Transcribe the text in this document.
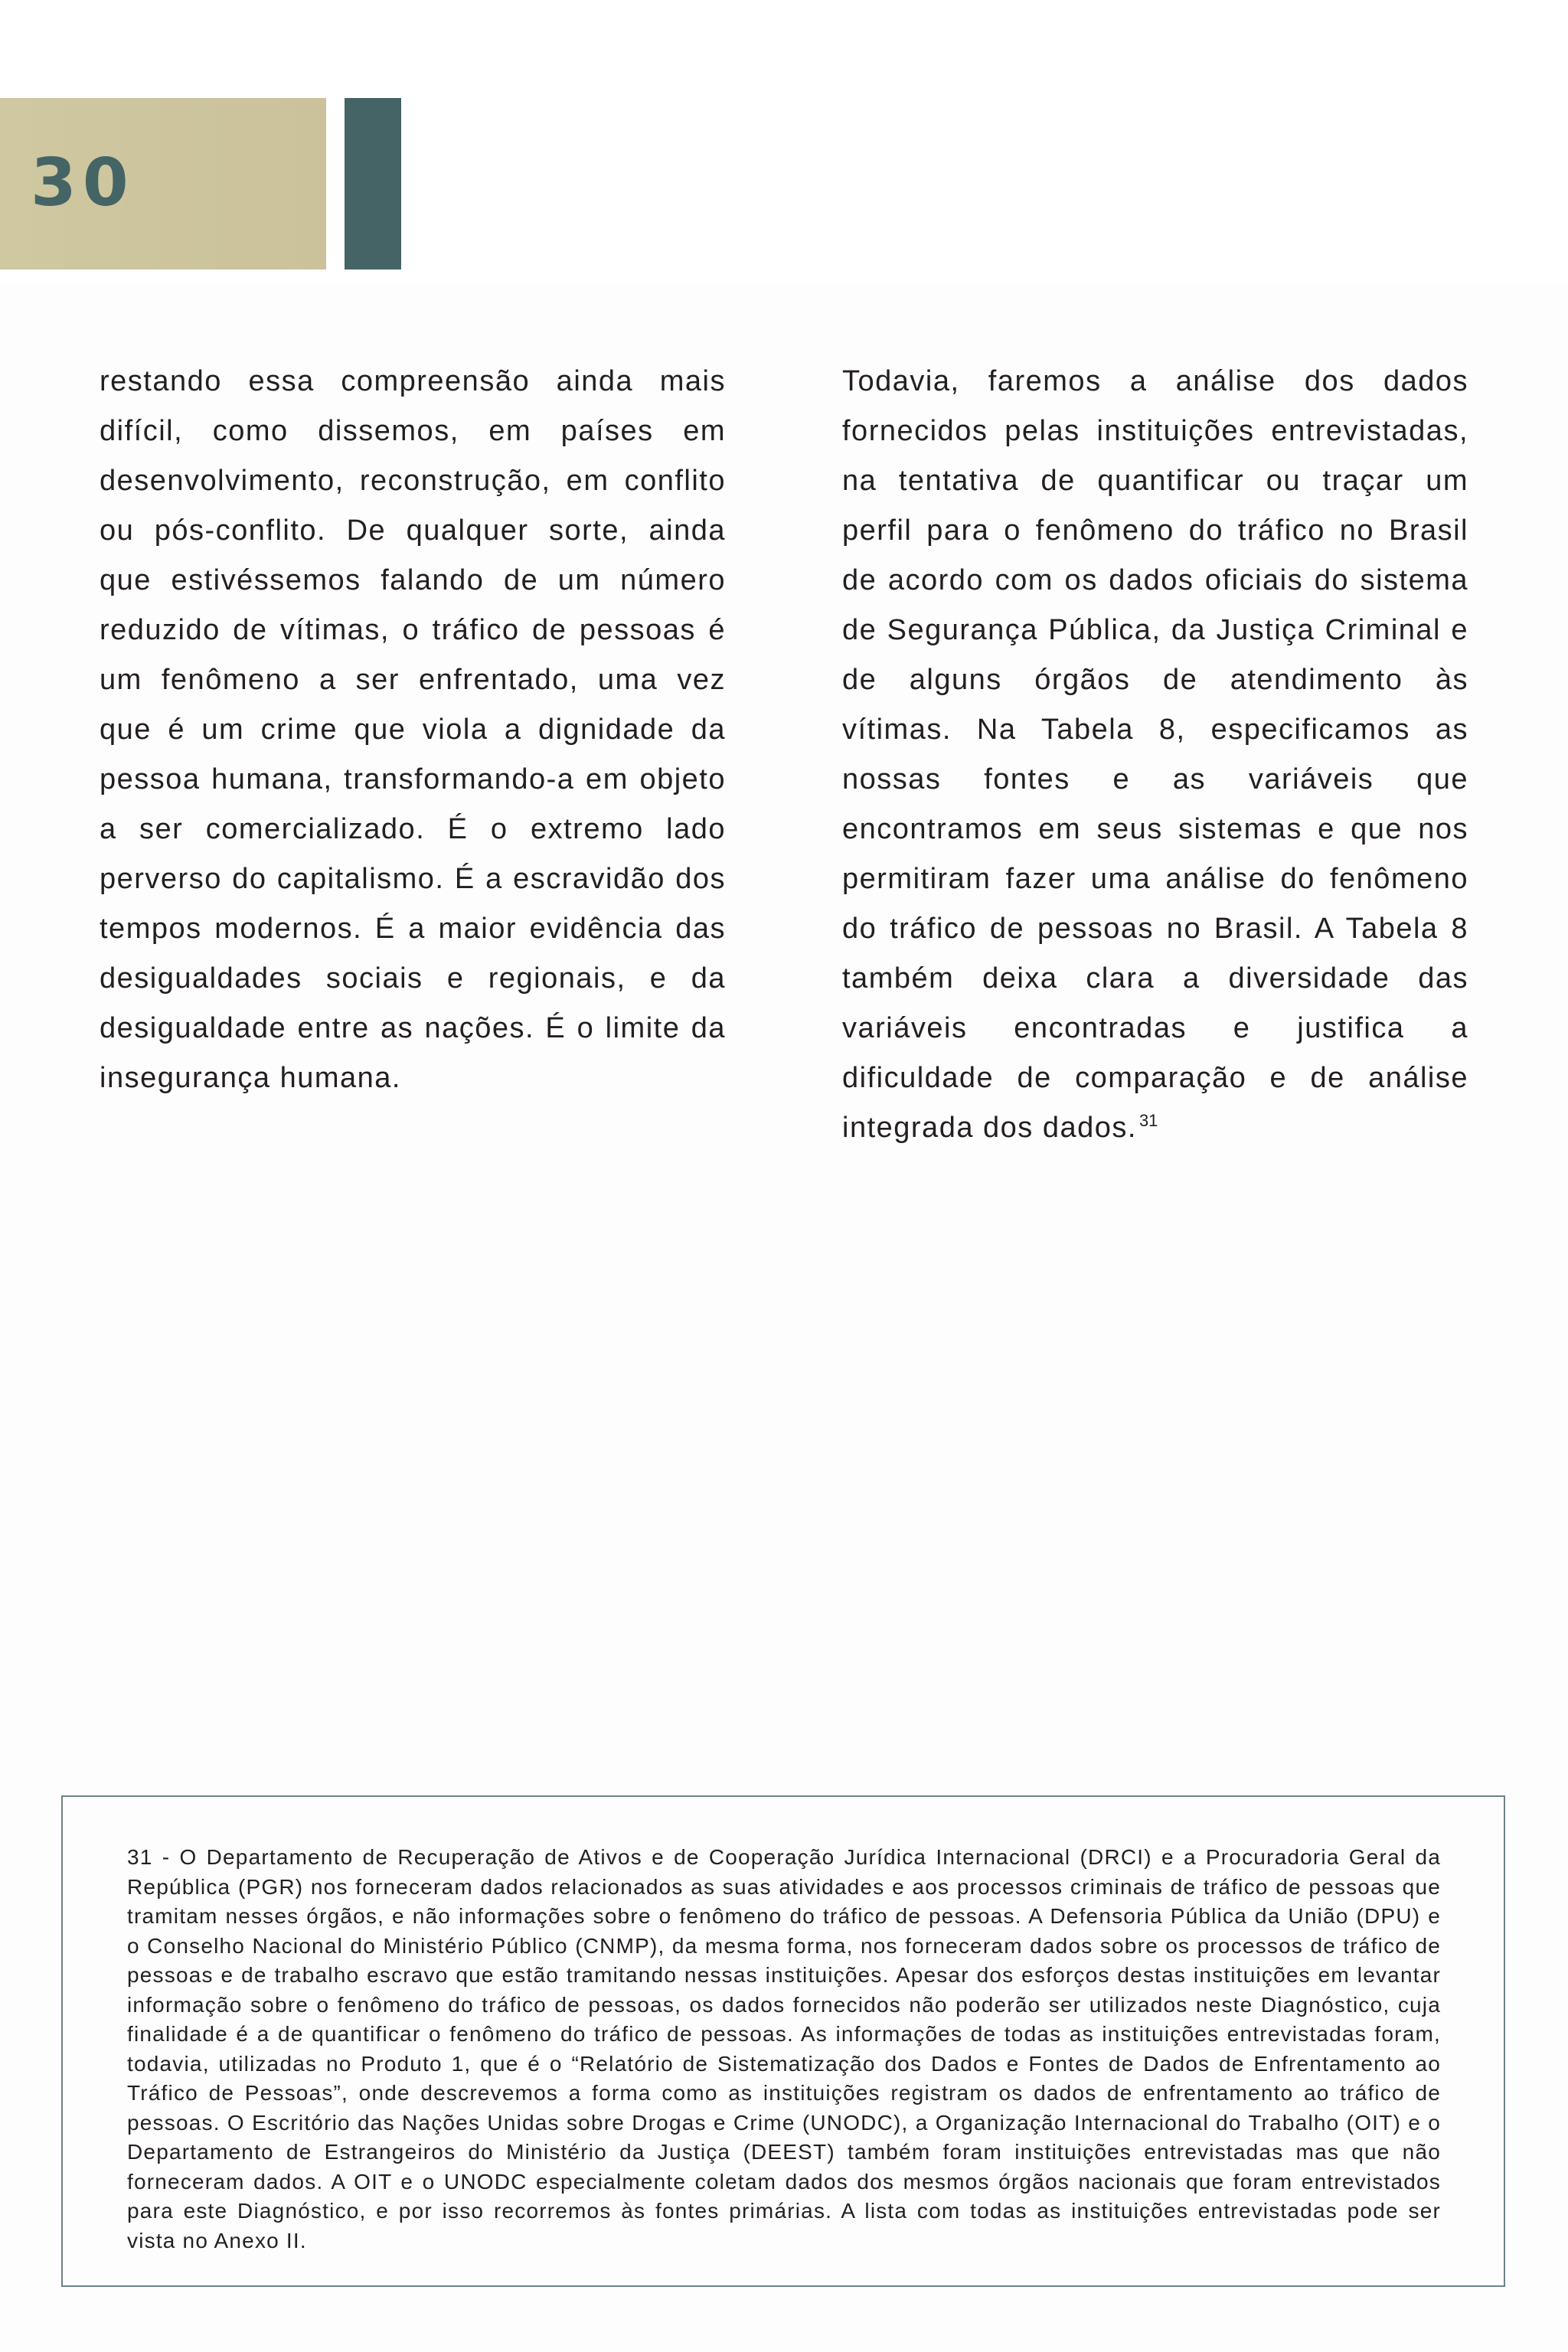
30

restando essa compreensão ainda mais difícil, como dissemos, em países em desenvolvimento, reconstrução, em conflito ou pós-conflito. De qualquer sorte, ainda que estivéssemos falando de um número reduzido de vítimas, o tráfico de pessoas é um fenômeno a ser enfrentado, uma vez que é um crime que viola a dignidade da pessoa humana, transformando-a em objeto a ser comercializado. É o extremo lado perverso do capitalismo. É a escravidão dos tempos modernos. É a maior evidência das desigualdades sociais e regionais, e da desigualdade entre as nações. É o limite da insegurança humana.

Todavia, faremos a análise dos dados fornecidos pelas instituições entrevistadas, na tentativa de quantificar ou traçar um perfil para o fenômeno do tráfico no Brasil de acordo com os dados oficiais do sistema de Segurança Pública, da Justiça Criminal e de alguns órgãos de atendimento às vítimas. Na Tabela 8, especificamos as nossas fontes e as variáveis que encontramos em seus sistemas e que nos permitiram fazer uma análise do fenômeno do tráfico de pessoas no Brasil. A Tabela 8 também deixa clara a diversidade das variáveis encontradas e justifica a dificuldade de comparação e de análise integrada dos dados. $^{31}$

31 - O Departamento de Recuperação de Ativos e de Cooperação Jurídica Internacional (DRCI) e a Procuradoria Geral da República (PGR) nos forneceram dados relacionados as suas atividades e aos processos criminais de tráfico de pessoas que tramitam nesses órgãos, e não informações sobre o fenômeno do tráfico de pessoas. A Defensoria Pública da União (DPU) e o Conselho Nacional do Ministério Público (CNMP), da mesma forma, nos forneceram dados sobre os processos de tráfico de pessoas e de trabalho escravo que estão tramitando nessas instituições. Apesar dos esforços destas instituições em levantar informação sobre o fenômeno do tráfico de pessoas, os dados fornecidos não poderão ser utilizados neste Diagnóstico, cuja finalidade é a de quantificar o fenômeno do tráfico de pessoas. As informações de todas as instituições entrevistadas foram, todavia, utilizadas no Produto 1, que é o “Relatório de Sistematização dos Dados e Fontes de Dados de Enfrentamento ao Tráfico de Pessoas”, onde descrevemos a forma como as instituições registram os dados de enfrentamento ao tráfico de pessoas. O Escritório das Nações Unidas sobre Drogas e Crime (UNODC), a Organização Internacional do Trabalho (OIT) e o Departamento de Estrangeiros do Ministério da Justiça (DEEST) também foram instituições entrevistadas mas que não forneceram dados. A OIT e o UNODC especialmente coletam dados dos mesmos órgãos nacionais que foram entrevistados para este Diagnóstico, e por isso recorremos às fontes primárias. A lista com todas as instituições entrevistadas pode ser vista no Anexo II.
